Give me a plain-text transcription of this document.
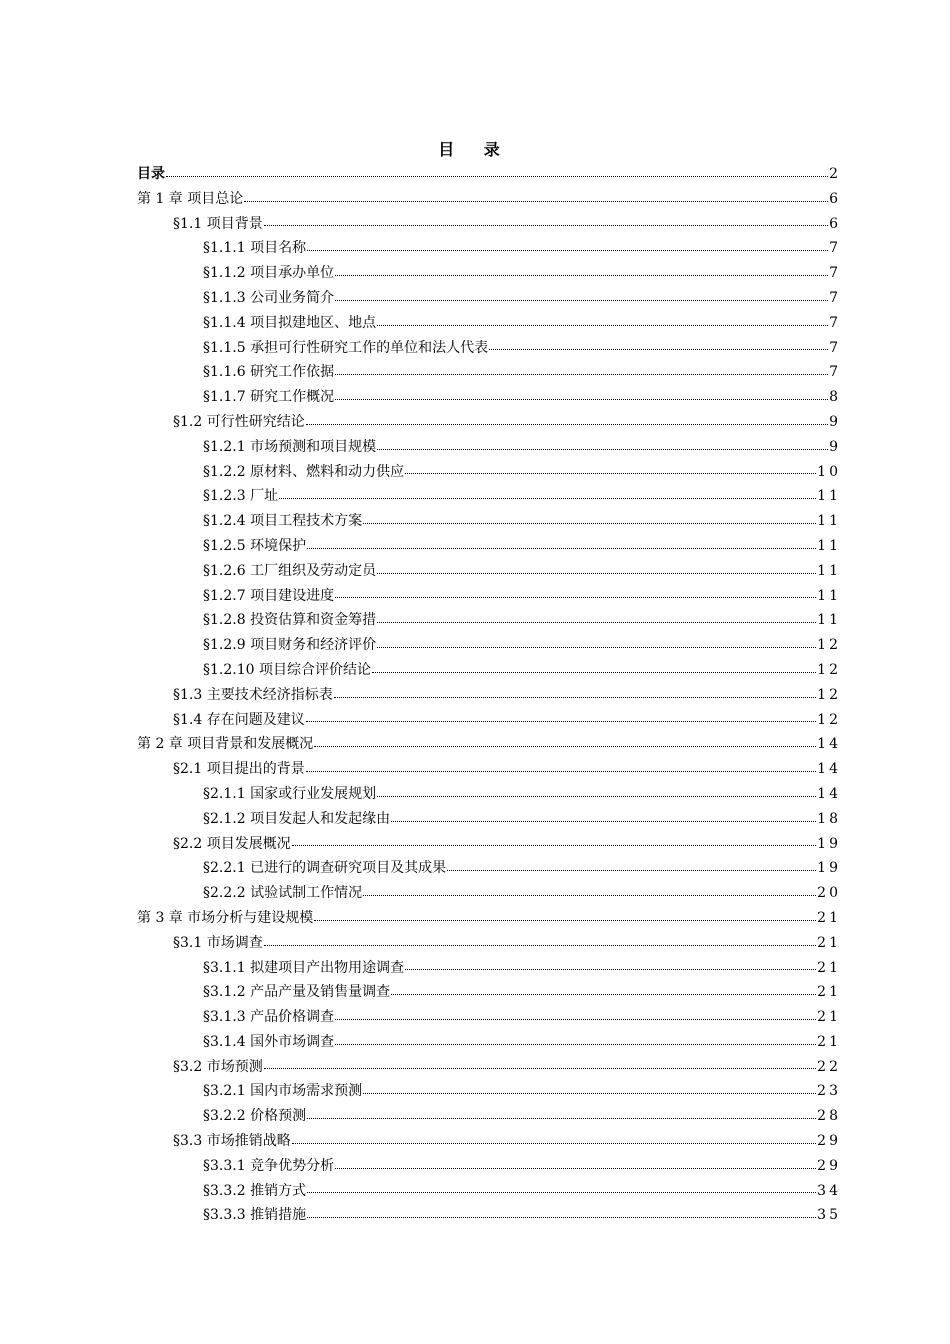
目 录
目录	2
第 1 章 项目总论	6
§1.1 项目背景	6
§1.1.1 项目名称	7
§1.1.2 项目承办单位	7
§1.1.3 公司业务简介	7
§1.1.4 项目拟建地区、地点	7
§1.1.5 承担可行性研究工作的单位和法人代表	7
§1.1.6 研究工作依据	7
§1.1.7 研究工作概况	8
§1.2 可行性研究结论	9
§1.2.1 市场预测和项目规模	9
§1.2.2 原材料、燃料和动力供应	10
§1.2.3 厂址	11
§1.2.4 项目工程技术方案	11
§1.2.5 环境保护	11
§1.2.6 工厂组织及劳动定员	11
§1.2.7 项目建设进度	11
§1.2.8 投资估算和资金筹措	11
§1.2.9 项目财务和经济评价	12
§1.2.10 项目综合评价结论	12
§1.3 主要技术经济指标表	12
§1.4 存在问题及建议	12
第 2 章 项目背景和发展概况	14
§2.1 项目提出的背景	14
§2.1.1 国家或行业发展规划	14
§2.1.2 项目发起人和发起缘由	18
§2.2 项目发展概况	19
§2.2.1 已进行的调查研究项目及其成果	19
§2.2.2 试验试制工作情况	20
第 3 章 市场分析与建设规模	21
§3.1 市场调查	21
§3.1.1 拟建项目产出物用途调查	21
§3.1.2 产品产量及销售量调查	21
§3.1.3 产品价格调查	21
§3.1.4 国外市场调查	21
§3.2 市场预测	22
§3.2.1 国内市场需求预测	23
§3.2.2 价格预测	28
§3.3 市场推销战略	29
§3.3.1 竞争优势分析	29
§3.3.2 推销方式	34
§3.3.3 推销措施	35
